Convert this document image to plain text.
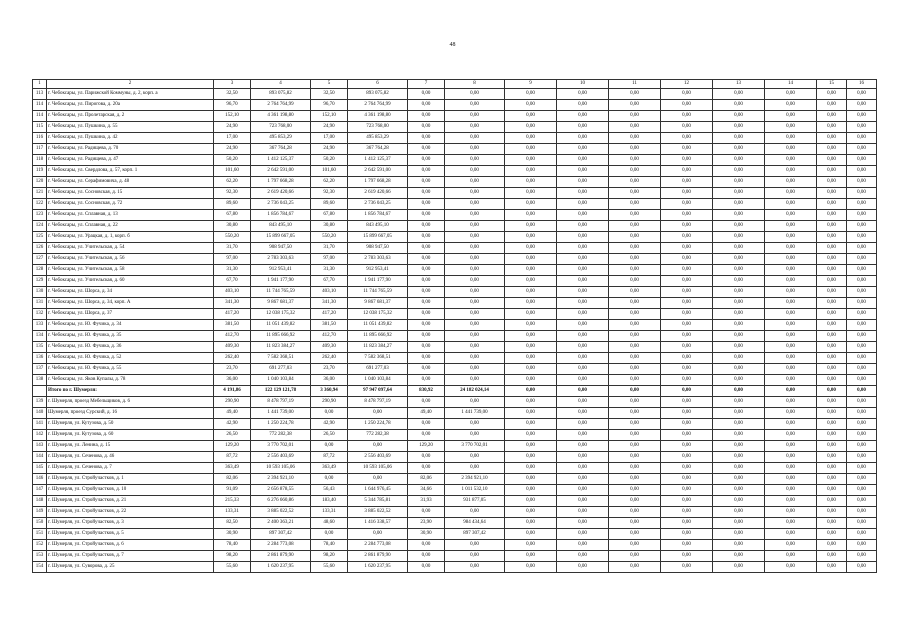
48
1	2	3	4	5	6	7	8	9	10	11	12	13	14	15	16
113	г. Чебоксары, ул. Парижской Коммуны, д. 2, корп. а	32,50	893 075,82	32,50	893 075,82	0,00	0,00	0,00	0,00	0,00	0,00	0,00	0,00	0,00	0,00
114	г. Чебоксары, ул. Пирогова, д. 20а	96,70	2 764 764,99	96,70	2 764 764,99	0,00	0,00	0,00	0,00	0,00	0,00	0,00	0,00	0,00	0,00
114	г. Чебоксары, ул. Пролетарская, д. 2	152,10	4 361 198,80	152,10	4 361 198,80	0,00	0,00	0,00	0,00	0,00	0,00	0,00	0,00	0,00	0,00
115	г. Чебоксары, ул. Пушкина, д. 55	24,90	723 768,00	24,90	723 768,00	0,00	0,00	0,00	0,00	0,00	0,00	0,00	0,00	0,00	0,00
116	г. Чебоксары, ул. Пушкина, д. 42	17,00	495 853,29	17,00	495 853,29	0,00	0,00	0,00	0,00	0,00	0,00	0,00	0,00	0,00	0,00
117	г. Чебоксары, ул. Радищева, д. 70	24,90	367 764,28	24,90	367 764,28	0,00	0,00	0,00	0,00	0,00	0,00	0,00	0,00	0,00	0,00
118	г. Чебоксары, ул. Радищева, д. 47	50,20	1 412 125,37	50,20	1 412 125,37	0,00	0,00	0,00	0,00	0,00	0,00	0,00	0,00	0,00	0,00
119	г. Чебоксары, ул. Свердлова, д. 57, корп. 1	101,60	2 642 591,00	101,60	2 642 591,00	0,00	0,00	0,00	0,00	0,00	0,00	0,00	0,00	0,00	0,00
120	г. Чебоксары, ул. Серафимовича, д. 48	62,20	1 797 668,28	62,20	1 797 668,28	0,00	0,00	0,00	0,00	0,00	0,00	0,00	0,00	0,00	0,00
121	г. Чебоксары, ул. Сосновская, д. 15	92,30	2 619 420,66	92,30	2 619 420,66	0,00	0,00	0,00	0,00	0,00	0,00	0,00	0,00	0,00	0,00
122	г. Чебоксары, ул. Сосновская, д. 72	89,60	2 736 043,25	89,60	2 736 043,25	0,00	0,00	0,00	0,00	0,00	0,00	0,00	0,00	0,00	0,00
123	г. Чебоксары, ул. Сплавная, д. 13	67,80	1 856 784,67	67,80	1 856 784,67	0,00	0,00	0,00	0,00	0,00	0,00	0,00	0,00	0,00	0,00
124	г. Чебоксары, ул. Сплавная, д. 22	30,80	843 495,10	30,80	843 495,10	0,00	0,00	0,00	0,00	0,00	0,00	0,00	0,00	0,00	0,00
125	г. Чебоксары, ул. Урацкая, д. 1, корп. б	550,20	15 899 667,05	550,20	15 899 667,05	0,00	0,00	0,00	0,00	0,00	0,00	0,00	0,00	0,00	0,00
126	г. Чебоксары, ул. Учительская, д. 54	31,70	908 947,50	31,70	908 947,50	0,00	0,00	0,00	0,00	0,00	0,00	0,00	0,00	0,00	0,00
127	г. Чебоксары, ул. Учительская, д. 56	97,00	2 783 303,63	97,00	2 783 303,63	0,00	0,00	0,00	0,00	0,00	0,00	0,00	0,00	0,00	0,00
128	г. Чебоксары, ул. Учительская, д. 58	31,30	912 953,41	31,30	912 953,41	0,00	0,00	0,00	0,00	0,00	0,00	0,00	0,00	0,00	0,00
129	г. Чебоксары, ул. Учительская, д. 60	67,70	1 941 177,90	67,70	1 941 177,90	0,00	0,00	0,00	0,00	0,00	0,00	0,00	0,00	0,00	0,00
130	г. Чебоксары, ул. Шорса, д. 34	403,10	11 744 765,59	403,10	11 744 765,59	0,00	0,00	0,00	0,00	0,00	0,00	0,00	0,00	0,00	0,00
131	г. Чебоксары, ул. Шорса, д. 34, корп. А	341,30	9 867 681,37	341,30	9 867 681,37	0,00	0,00	0,00	0,00	0,00	0,00	0,00	0,00	0,00	0,00
132	г. Чебоксары, ул. Шорса, д. 37	417,20	12 038 175,32	417,20	12 038 175,32	0,00	0,00	0,00	0,00	0,00	0,00	0,00	0,00	0,00	0,00
133	г. Чебоксары, ул. Ю. Фучика, д. 34	381,50	11 051 439,82	381,50	11 051 439,82	0,00	0,00	0,00	0,00	0,00	0,00	0,00	0,00	0,00	0,00
134	г. Чебоксары, ул. Ю. Фучика, д. 35	412,70	11 895 666,92	412,70	11 895 666,92	0,00	0,00	0,00	0,00	0,00	0,00	0,00	0,00	0,00	0,00
135	г. Чебоксары, ул. Ю. Фучика, д. 36	409,30	11 823 384,27	409,30	11 823 384,27	0,00	0,00	0,00	0,00	0,00	0,00	0,00	0,00	0,00	0,00
136	г. Чебоксары, ул. Ю. Фучика, д. 52	262,40	7 582 368,51	262,40	7 582 368,51	0,00	0,00	0,00	0,00	0,00	0,00	0,00	0,00	0,00	0,00
137	г. Чебоксары, ул. Ю. Фучика, д. 55	23,70	691 277,03	23,70	691 277,03	0,00	0,00	0,00	0,00	0,00	0,00	0,00	0,00	0,00	0,00
138	г. Чебоксары, ул. Яков Купалы, д. 78	36,00	1 040 103,84	36,00	1 040 103,84	0,00	0,00	0,00	0,00	0,00	0,00	0,00	0,00	0,00	0,00
	Итого по г. Шумерля:	4 191,86	122 129 121,78	3 360,94	97 947 097,64	830,92	24 182 024,14	0,00	0,00	0,00	0,00	0,00	0,00	0,00	0,00
139	г. Шумерля, проезд Мебельщиков, д. 6	290,90	8 478 797,19	290,90	8 478 797,19	0,00	0,00	0,00	0,00	0,00	0,00	0,00	0,00	0,00	0,00
140	Шумерля, проезд Сурский, д. 16	49,40	1 441 739,00	0,00	0,00	49,40	1 441 739,00	0,00	0,00	0,00	0,00	0,00	0,00	0,00	0,00
141	г. Шумерля, ул. Кутузова, д. 50	42,90	1 250 224,78	42,90	1 250 224,78	0,00	0,00	0,00	0,00	0,00	0,00	0,00	0,00	0,00	0,00
142	г. Шумерля, ул. Кутузова, д. 60	26,50	772 282,38	26,50	772 282,38	0,00	0,00	0,00	0,00	0,00	0,00	0,00	0,00	0,00	0,00
143	г. Шумерля, ул. Ленина, д. 15	129,20	3 770 702,01	0,00	0,00	129,20	3 770 702,01	0,00	0,00	0,00	0,00	0,00	0,00	0,00	0,00
144	г. Шумерля, ул. Сеченова, д. 46	87,72	2 556 403,69	87,72	2 556 403,69	0,00	0,00	0,00	0,00	0,00	0,00	0,00	0,00	0,00	0,00
145	г. Шумерля, ул. Сеченова, д. 7	363,49	10 593 105,06	363,49	10 593 105,06	0,00	0,00	0,00	0,00	0,00	0,00	0,00	0,00	0,00	0,00
146	г. Шумерля, ул. Стройучастков, д. 1	82,06	2 394 921,10	0,00	0,00	82,06	2 394 921,10	0,00	0,00	0,00	0,00	0,00	0,00	0,00	0,00
147	г. Шумерля, ул. Стройучастков, д. 10	91,09	2 656 878,55	56,43	1 644 976,45	34,66	1 011 532,10	0,00	0,00	0,00	0,00	0,00	0,00	0,00	0,00
148	г. Шумерля, ул. Стройучастков, д. 21	215,33	6 276 660,86	183,40	5 344 785,81	31,93	931 877,05	0,00	0,00	0,00	0,00	0,00	0,00	0,00	0,00
149	г. Шумерля, ул. Стройучастков, д. 22	133,31	3 885 022,52	133,31	3 885 022,52	0,00	0,00	0,00	0,00	0,00	0,00	0,00	0,00	0,00	0,00
150	г. Шумерля, ул. Стройучастков, д. 3	82,50	2 400 363,21	48,60	1 416 338,57	23,90	984 434,64	0,00	0,00	0,00	0,00	0,00	0,00	0,00	0,00
151	г. Шумерля, ул. Стройучастков, д. 5	30,90	897 307,42	0,00	0,00	30,90	897 307,42	0,00	0,00	0,00	0,00	0,00	0,00	0,00	0,00
152	г. Шумерля, ул. Стройучастков, д. 6	78,40	2 284 773,08	78,40	2 284 773,08	0,00	0,00	0,00	0,00	0,00	0,00	0,00	0,00	0,00	0,00
153	г. Шумерля, ул. Стройучастков, д. 7	98,20	2 861 879,90	98,20	2 861 879,90	0,00	0,00	0,00	0,00	0,00	0,00	0,00	0,00	0,00	0,00
154	г. Шумерля, ул. Суворова, д. 25	55,60	1 620 237,95	55,60	1 620 237,95	0,00	0,00	0,00	0,00	0,00	0,00	0,00	0,00	0,00	0,00
